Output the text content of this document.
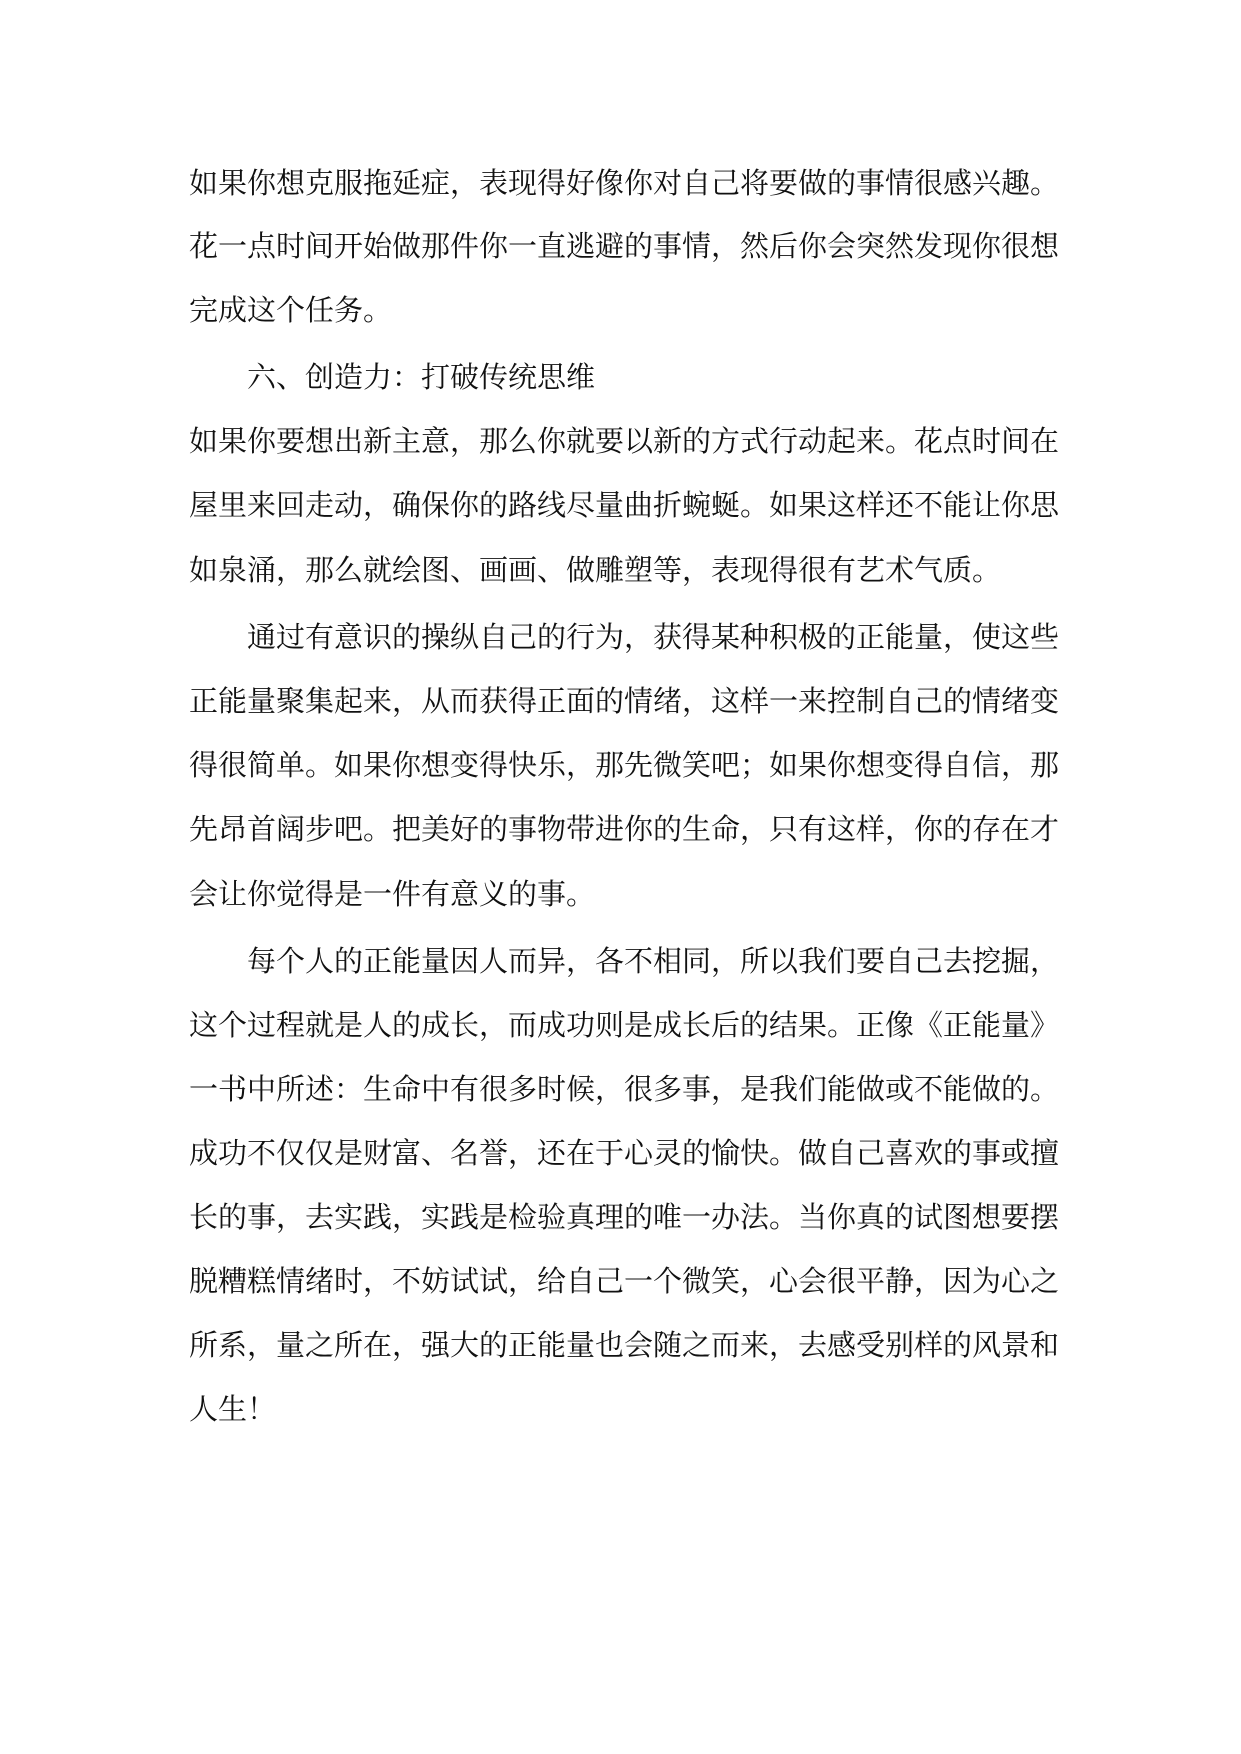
如果你想克服拖延症，表现得好像你对自己将要做的事情很感兴趣。
花一点时间开始做那件你一直逃避的事情，然后你会突然发现你很想
完成这个任务。
六、创造力：打破传统思维
如果你要想出新主意，那么你就要以新的方式行动起来。花点时间在
屋里来回走动，确保你的路线尽量曲折蜿蜒。如果这样还不能让你思
如泉涌，那么就绘图、画画、做雕塑等，表现得很有艺术气质。
通过有意识的操纵自己的行为，获得某种积极的正能量，使这些
正能量聚集起来，从而获得正面的情绪，这样一来控制自己的情绪变
得很简单。如果你想变得快乐，那先微笑吧；如果你想变得自信，那
先昂首阔步吧。把美好的事物带进你的生命，只有这样，你的存在才
会让你觉得是一件有意义的事。
每个人的正能量因人而异，各不相同，所以我们要自己去挖掘，
这个过程就是人的成长，而成功则是成长后的结果。正像《正能量》
一书中所述：生命中有很多时候，很多事，是我们能做或不能做的。
成功不仅仅是财富、名誉，还在于心灵的愉快。做自己喜欢的事或擅
长的事，去实践，实践是检验真理的唯一办法。当你真的试图想要摆
脱糟糕情绪时，不妨试试，给自己一个微笑，心会很平静，因为心之
所系，量之所在，强大的正能量也会随之而来，去感受别样的风景和
人生！
